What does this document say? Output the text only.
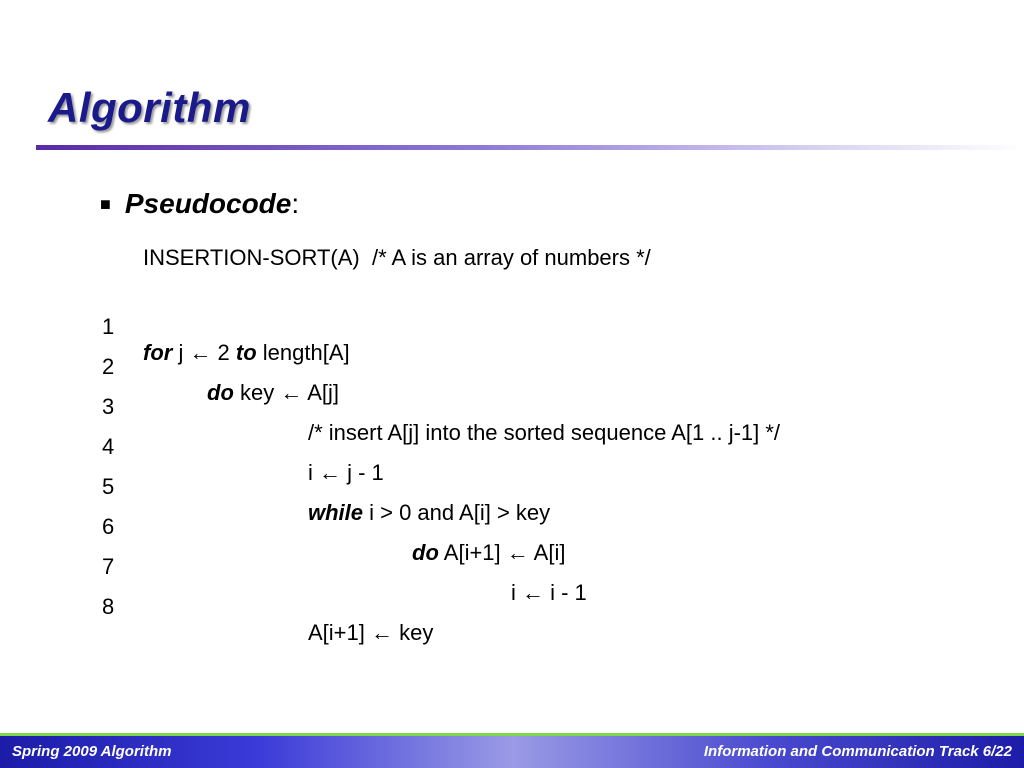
Algorithm
■ Pseudocode :
INSERTION-SORT(A)  /* A is an array of numbers */

1

for j ← 2 to length[A]

2

do key ← A[j]

3

/* insert A[j] into the sorted sequence A[1 .. j-1] */

4

i ← j - 1

5

while i > 0 and A[i] > key

6

do A[i+1] ← A[i]

7

i ← i - 1

8

A[i+1] ← key

Spring 2009 Algorithm	Information and Communication Track 6/22
